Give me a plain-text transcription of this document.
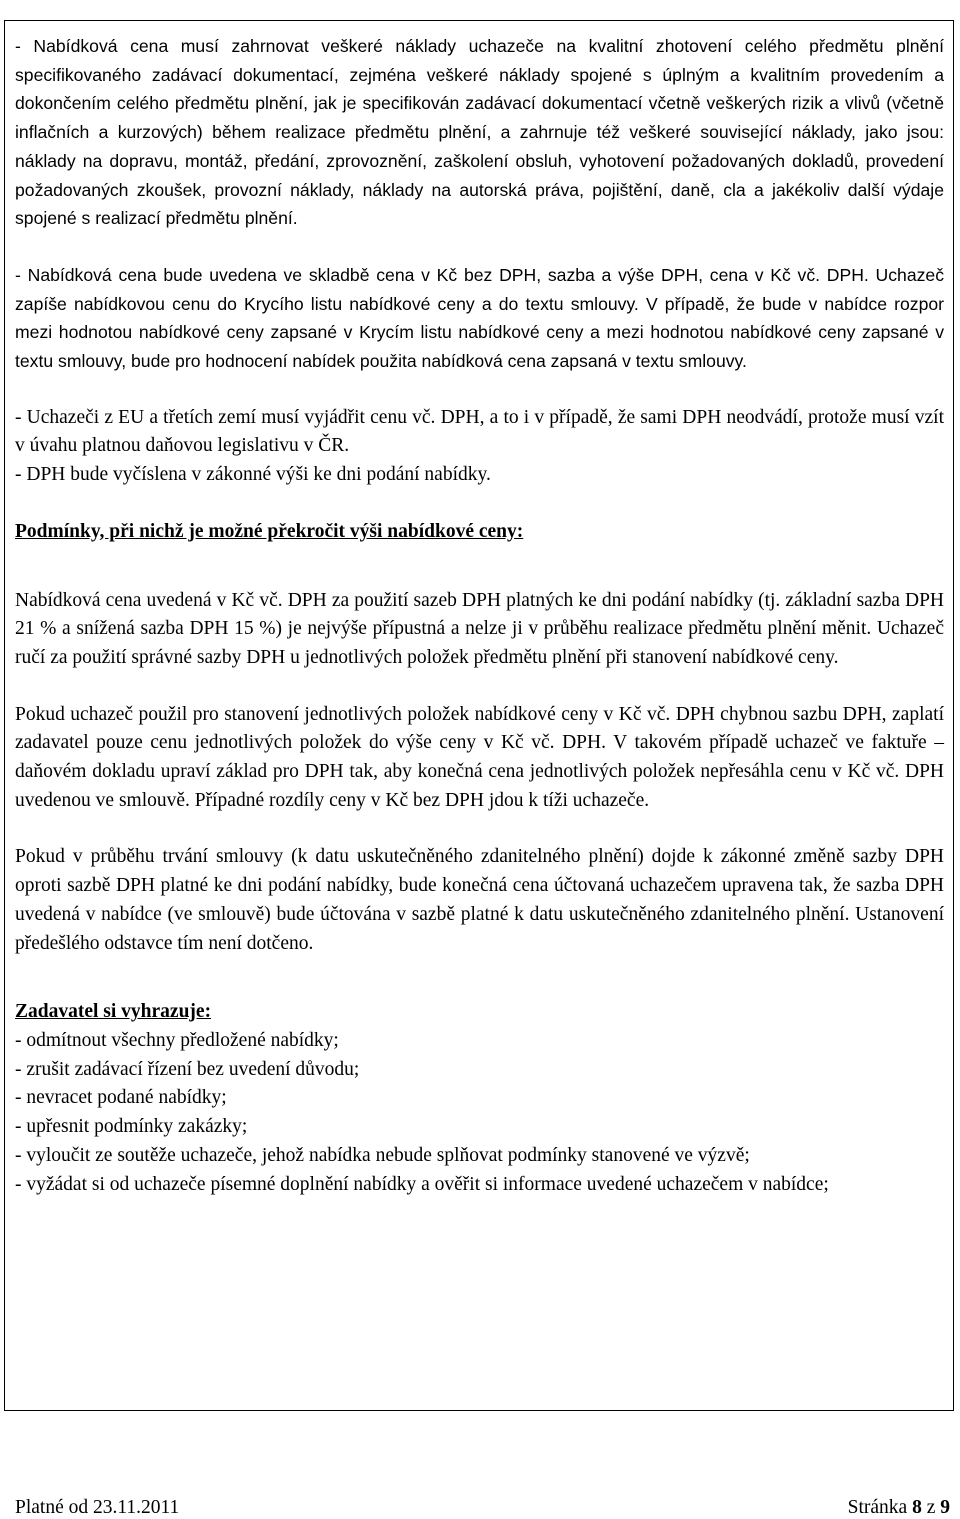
- Nabídková cena musí zahrnovat veškeré náklady uchazeče na kvalitní zhotovení celého předmětu plnění specifikovaného zadávací dokumentací, zejména veškeré náklady spojené s úplným a kvalitním provedením a dokončením celého předmětu plnění, jak je specifikován zadávací dokumentací včetně veškerých rizik a vlivů (včetně inflačních a kurzových) během realizace předmětu plnění, a zahrnuje též veškeré související náklady, jako jsou: náklady na dopravu, montáž, předání, zprovoznění, zaškolení obsluh, vyhotovení požadovaných dokladů, provedení požadovaných zkoušek, provozní náklady, náklady na autorská práva, pojištění, daně, cla a jakékoliv další výdaje spojené s realizací předmětu plnění.

- Nabídková cena bude uvedena ve skladbě cena v Kč bez DPH, sazba a výše DPH, cena v Kč vč. DPH. Uchazeč zapíše nabídkovou cenu do Krycího listu nabídkové ceny a do textu smlouvy. V případě, že bude v nabídce rozpor mezi hodnotou nabídkové ceny zapsané v Krycím listu nabídkové ceny a mezi hodnotou nabídkové ceny zapsané v textu smlouvy, bude pro hodnocení nabídek použita nabídková cena zapsaná v textu smlouvy.

- Uchazeči z EU a třetích zemí musí vyjádřit cenu vč. DPH, a to i v případě, že sami DPH neodvádí, protože musí vzít v úvahu platnou daňovou legislativu v ČR.

- DPH bude vyčíslena v zákonné výši ke dni podání nabídky.

Podmínky, při nichž je možné překročit výši nabídkové ceny:

Nabídková cena uvedená v Kč vč. DPH za použití sazeb DPH platných ke dni podání nabídky (tj. základní sazba DPH 21 % a snížená sazba DPH 15 %) je nejvýše přípustná a nelze ji v průběhu realizace předmětu plnění měnit. Uchazeč ručí za použití správné sazby DPH u jednotlivých položek předmětu plnění při stanovení nabídkové ceny.

Pokud uchazeč použil pro stanovení jednotlivých položek nabídkové ceny v Kč vč. DPH chybnou sazbu DPH, zaplatí zadavatel pouze cenu jednotlivých položek do výše ceny v Kč vč. DPH. V takovém případě uchazeč ve faktuře – daňovém dokladu upraví základ pro DPH tak, aby konečná cena jednotlivých položek nepřesáhla cenu v Kč vč. DPH uvedenou ve smlouvě. Případné rozdíly ceny v Kč bez DPH jdou k tíži uchazeče.

Pokud v průběhu trvání smlouvy (k datu uskutečněného zdanitelného plnění) dojde k zákonné změně sazby DPH oproti sazbě DPH platné ke dni podání nabídky, bude konečná cena účtovaná uchazečem upravena tak, že sazba DPH uvedená v nabídce (ve smlouvě) bude účtována v sazbě platné k datu uskutečněného zdanitelného plnění. Ustanovení předešlého odstavce tím není dotčeno.

Zadavatel si vyhrazuje:

- odmítnout všechny předložené nabídky;

- zrušit zadávací řízení bez uvedení důvodu;

- nevracet podané nabídky;

- upřesnit podmínky zakázky;

- vyloučit ze soutěže uchazeče, jehož nabídka nebude splňovat podmínky stanovené ve výzvě;

- vyžádat si od uchazeče písemné doplnění nabídky a ověřit si informace uvedené uchazečem v nabídce;

Platné od 23.11.2011	Stránka 8 z 9
